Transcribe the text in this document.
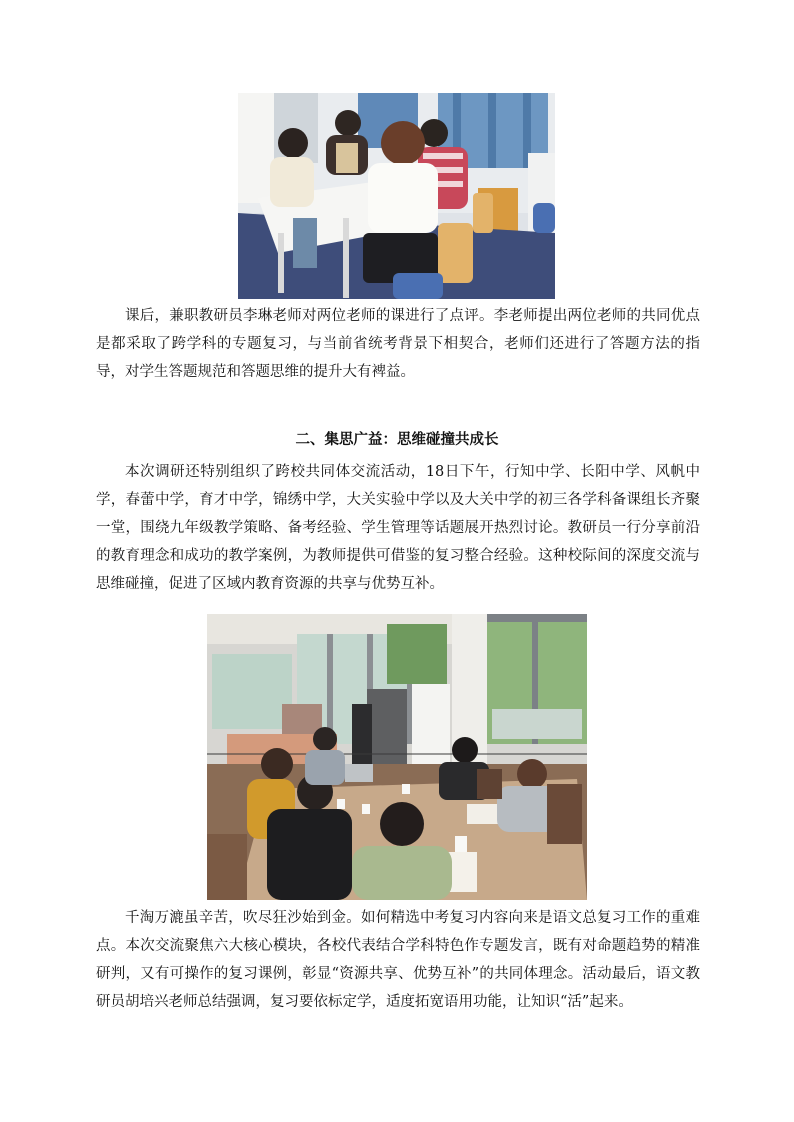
课后，兼职教研员李琳老师对两位老师的课进行了点评。李老师提出两位老师的共同优点是都采取了跨学科的专题复习，与当前省统考背景下相契合，老师们还进行了答题方法的指导，对学生答题规范和答题思维的提升大有裨益。

二、集思广益：思维碰撞共成长

本次调研还特别组织了跨校共同体交流活动，18日下午，行知中学、长阳中学、风帆中学，春蕾中学，育才中学，锦绣中学，大关实验中学以及大关中学的初三各学科备课组长齐聚一堂，围绕九年级教学策略、备考经验、学生管理等话题展开热烈讨论。教研员一行分享前沿的教育理念和成功的教学案例，为教师提供可借鉴的复习整合经验。这种校际间的深度交流与思维碰撞，促进了区域内教育资源的共享与优势互补。

千淘万漉虽辛苦，吹尽狂沙始到金。如何精选中考复习内容向来是语文总复习工作的重难点。本次交流聚焦六大核心模块，各校代表结合学科特色作专题发言，既有对命题趋势的精准研判，又有可操作的复习课例，彰显“资源共享、优势互补”的共同体理念。活动最后，语文教研员胡培兴老师总结强调，复习要依标定学，适度拓宽语用功能，让知识“活”起来。
